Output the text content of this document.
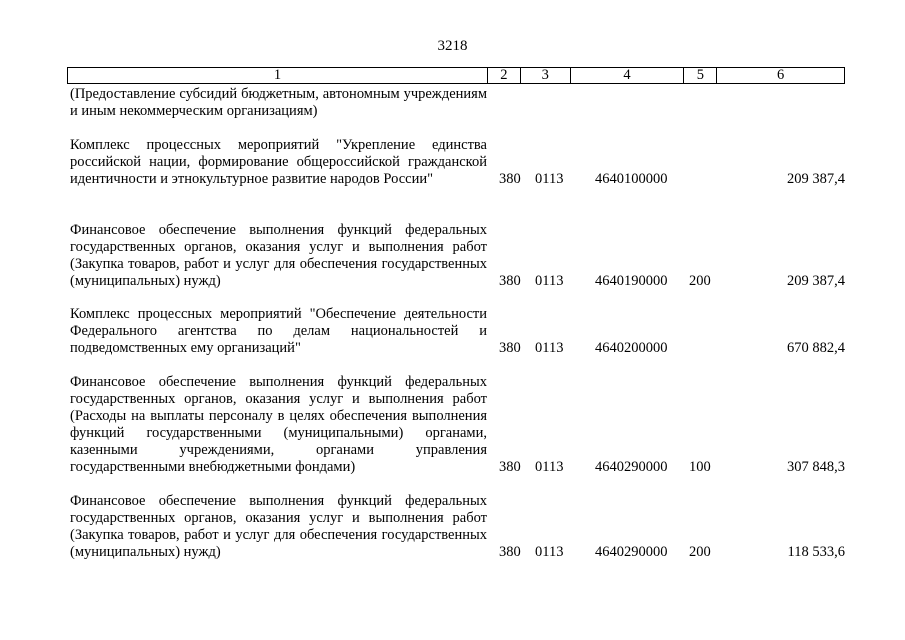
3218
1	2	3	4	5	6
(Предоставление субсидий бюджетным, автономным учреждениям и иным некоммерческим организациям)
Комплекс процессных мероприятий "Укрепление единства российской нации, формирование общероссийской гражданской идентичности и этнокультурное развитие народов России"	380 0113 4640100000	209 387,4
Финансовое обеспечение выполнения функций федеральных государственных органов, оказания услуг и выполнения работ (Закупка товаров, работ и услуг для обеспечения государственных (муниципальных) нужд)	380 0113 4640190000 200	209 387,4
Комплекс процессных мероприятий "Обеспечение деятельности Федерального агентства по делам национальностей и подведомственных ему организаций"	380 0113 4640200000	670 882,4
Финансовое обеспечение выполнения функций федеральных государственных органов, оказания услуг и выполнения работ (Расходы на выплаты персоналу в целях обеспечения выполнения функций государственными (муниципальными) органами, казенными учреждениями, органами управления государственными внебюджетными фондами)	380 0113 4640290000 100	307 848,3
Финансовое обеспечение выполнения функций федеральных государственных органов, оказания услуг и выполнения работ (Закупка товаров, работ и услуг для обеспечения государственных (муниципальных) нужд)	380 0113 4640290000 200	118 533,6
